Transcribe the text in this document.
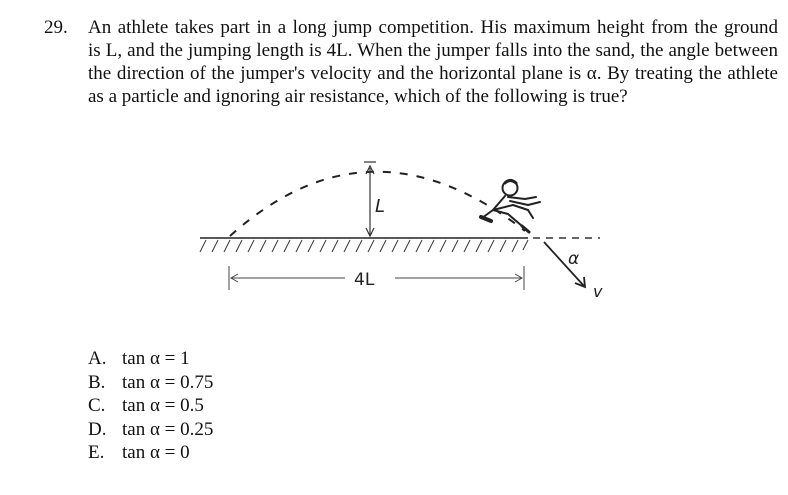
29. An athlete takes part in a long jump competition. His maximum height from the ground
is L, and the jumping length is 4L. When the jumper falls into the sand, the angle between
the direction of the jumper's velocity and the horizontal plane is α. By treating the athlete
as a particle and ignoring air resistance, which of the following is true?
L
4L
α
v
A. tan α = 1
B. tan α = 0.75
C. tan α = 0.5
D. tan α = 0.25
E. tan α = 0
